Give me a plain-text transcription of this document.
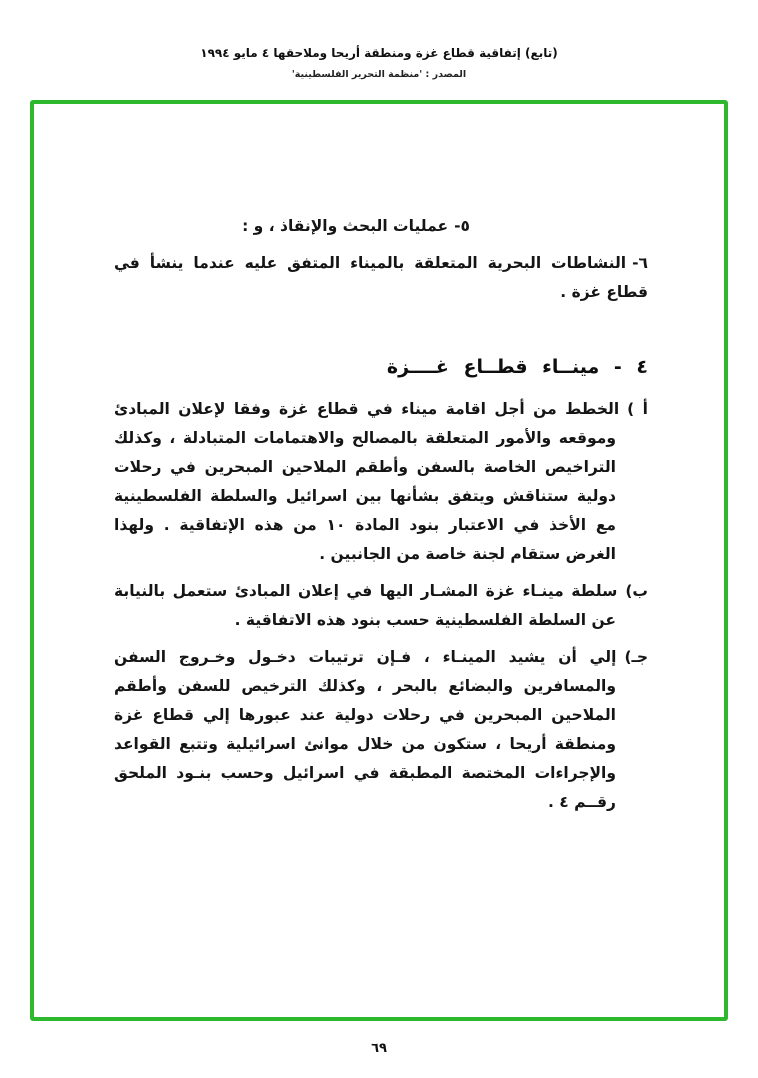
(تابع) إتفاقية قطاع غزة ومنطقة أريحا وملاحقها ٤ مايو ١٩٩٤
المصدر : 'منظمة التحرير الفلسطينية'
٥-عمليات البحث والإنقاذ ، و :
٦-النشاطات البحرية المتعلقة بالميناء المتفق عليه عندما ينشأ في قطاع غزة .
٤ - مينــاء قطــاع غــــزة

أ )الخطط من أجل اقامة ميناء في قطاع غزة وفقا لإعلان المبادئ وموقعه والأمور المتعلقة بالمصالح والاهتمامات المتبادلة ، وكذلك التراخيص الخاصة بالسفن وأطقم الملاحين المبحرين في رحلات دولية ستناقش ويتفق بشأنها بين اسرائيل والسلطة الفلسطينية مع الأخذ في الاعتبار بنود المادة ١٠ من هذه الإتفاقية . ولهذا الغرض ستقام لجنة خاصة من الجانبين .

ب)سلطة مينـاء غزة المشـار اليها في إعلان المبادئ ستعمل بالنيابة عن السلطة الفلسطينية حسب بنود هذه الاتفاقية .

جـ)إلي أن يشيد المينـاء ، فـإن ترتيبات دخـول وخـروج السفن والمسافرين والبضائع بالبحر ، وكذلك الترخيص للسفن وأطقم الملاحين المبحرين في رحلات دولية عند عبورها إلي قطاع غزة ومنطقة أريحا ، ستكون من خلال موانئ اسرائيلية وتتبع القواعد والإجراءات المختصة المطبقة في اسرائيل وحسب بنـود الملحق رقــم ٤ .

٦٩
